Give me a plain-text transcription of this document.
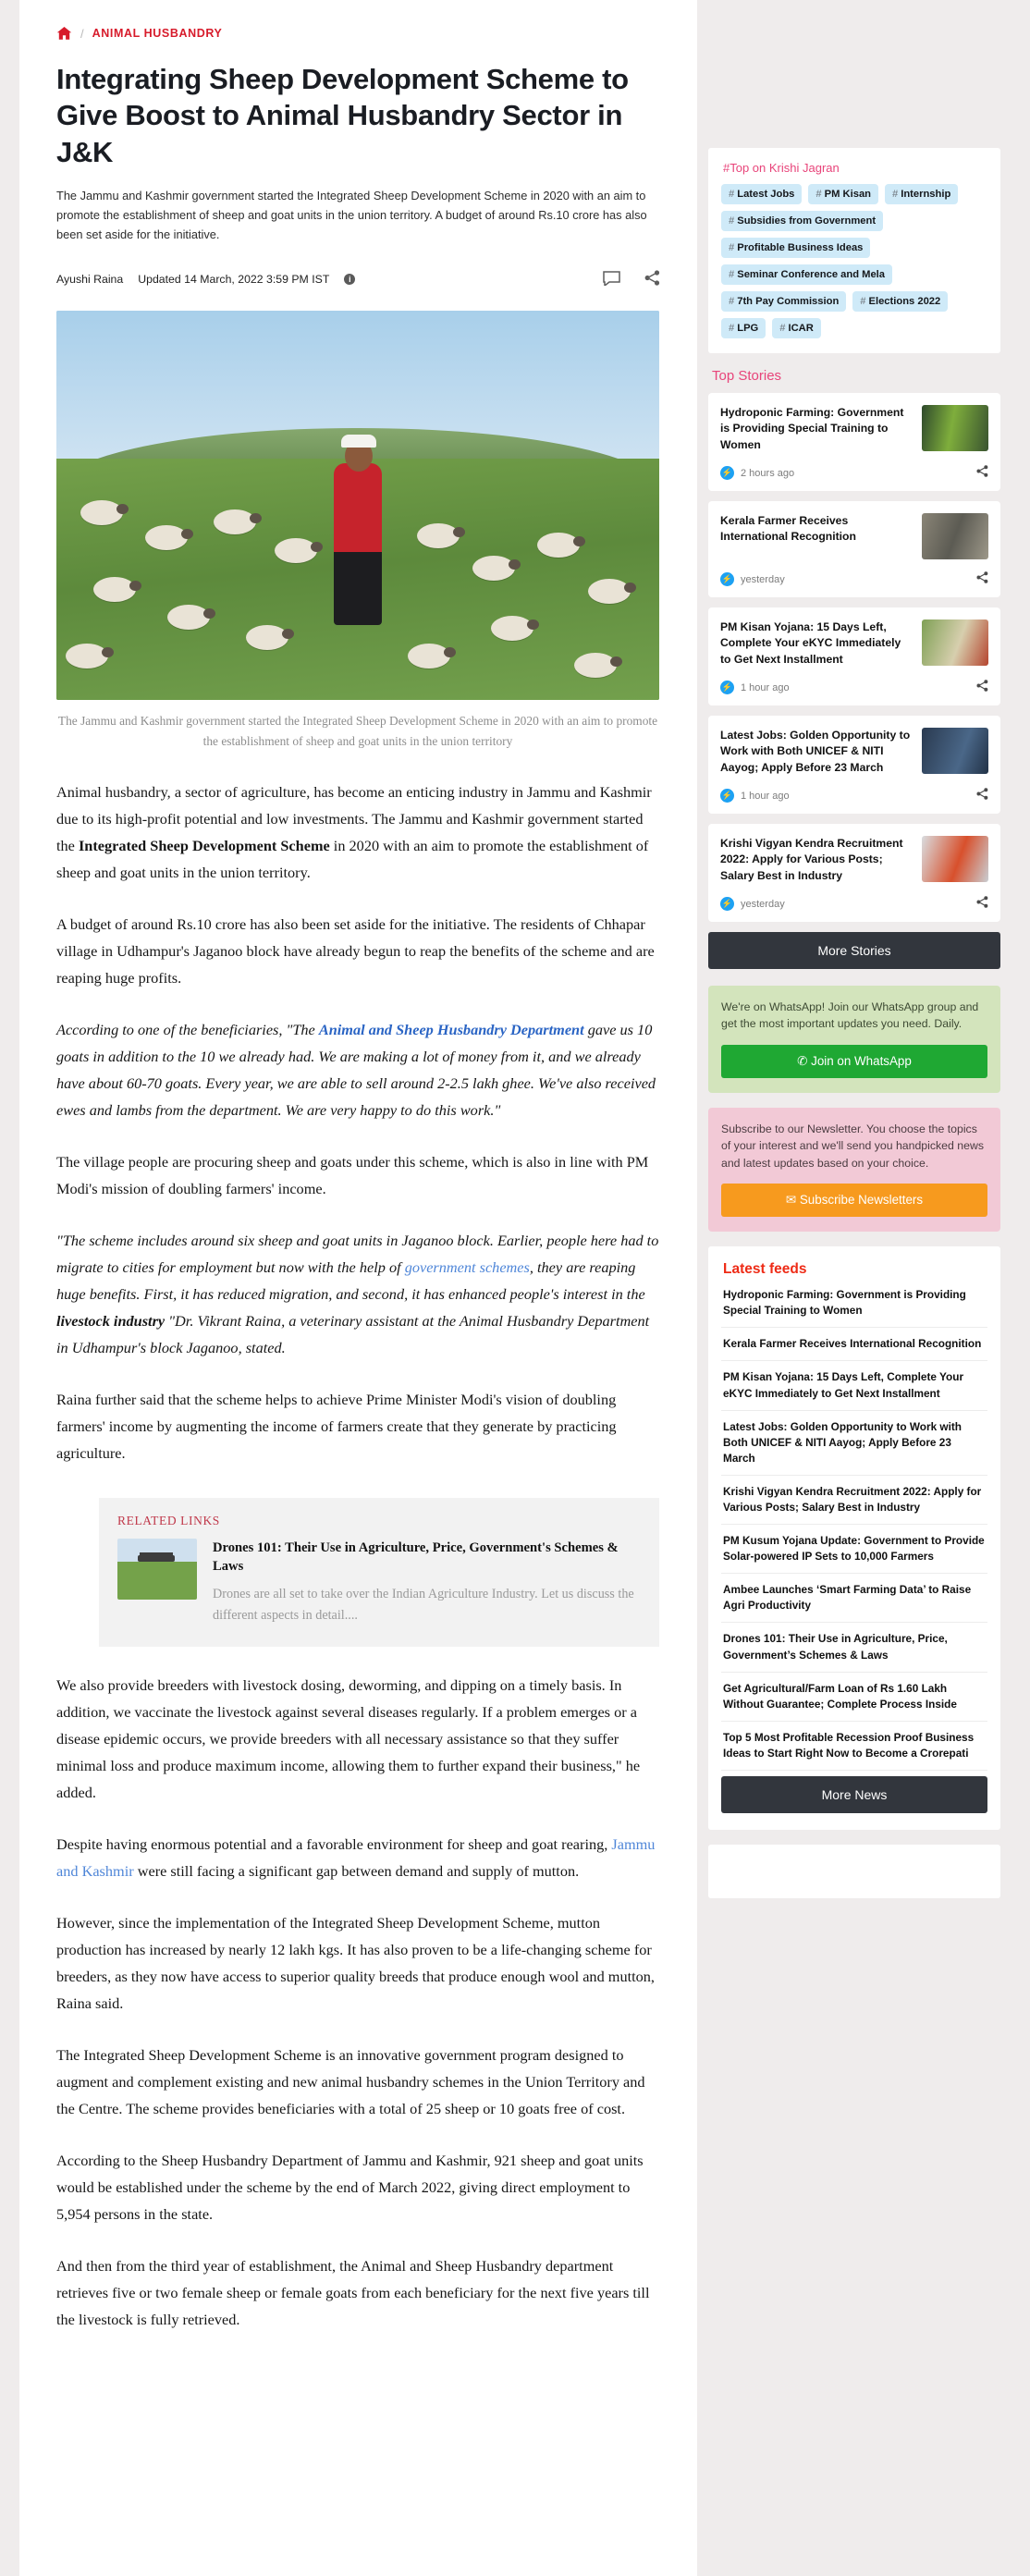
/ ANIMAL HUSBANDRY
Integrating Sheep Development Scheme to Give Boost to Animal Husbandry Sector in J&K

The Jammu and Kashmir government started the Integrated Sheep Development Scheme in 2020 with an aim to promote the establishment of sheep and goat units in the union territory. A budget of around Rs.10 crore has also been set aside for the initiative.

Ayushi Raina Updated 14 March, 2022 3:59 PM IST	i
The Jammu and Kashmir government started the Integrated Sheep Development Scheme in 2020 with an aim to promote the establishment of sheep and goat units in the union territory

Animal husbandry, a sector of agriculture, has become an enticing industry in Jammu and Kashmir due to its high-profit potential and low investments. The Jammu and Kashmir government started the Integrated Sheep Development Scheme in 2020 with an aim to promote the establishment of sheep and goat units in the union territory.

A budget of around Rs.10 crore has also been set aside for the initiative. The residents of Chhapar village in Udhampur's Jaganoo block have already begun to reap the benefits of the scheme and are reaping huge profits.

According to one of the beneficiaries, "The Animal and Sheep Husbandry Department gave us 10 goats in addition to the 10 we already had. We are making a lot of money from it, and we already have about 60-70 goats. Every year, we are able to sell around 2-2.5 lakh ghee. We've also received ewes and lambs from the department. We are very happy to do this work."

The village people are procuring sheep and goats under this scheme, which is also in line with PM Modi's mission of doubling farmers' income.

"The scheme includes around six sheep and goat units in Jaganoo block. Earlier, people here had to migrate to cities for employment but now with the help of government schemes, they are reaping huge benefits. First, it has reduced migration, and second, it has enhanced people's interest in the livestock industry "Dr. Vikrant Raina, a veterinary assistant at the Animal Husbandry Department in Udhampur's block Jaganoo, stated.

Raina further said that the scheme helps to achieve Prime Minister Modi's vision of doubling farmers' income by augmenting the income of farmers create that they generate by practicing agriculture.

RELATED LINKS
Drones 101: Their Use in Agriculture, Price, Government's Schemes & Laws
Drones are all set to take over the Indian Agriculture Industry. Let us discuss the different aspects in detail....

We also provide breeders with livestock dosing, deworming, and dipping on a timely basis. In addition, we vaccinate the livestock against several diseases regularly. If a problem emerges or a disease epidemic occurs, we provide breeders with all necessary assistance so that they suffer minimal loss and produce maximum income, allowing them to further expand their business," he added.

Despite having enormous potential and a favorable environment for sheep and goat rearing, Jammu and Kashmir were still facing a significant gap between demand and supply of mutton.

However, since the implementation of the Integrated Sheep Development Scheme, mutton production has increased by nearly 12 lakh kgs. It has also proven to be a life-changing scheme for breeders, as they now have access to superior quality breeds that produce enough wool and mutton, Raina said.

The Integrated Sheep Development Scheme is an innovative government program designed to augment and complement existing and new animal husbandry schemes in the Union Territory and the Centre. The scheme provides beneficiaries with a total of 25 sheep or 10 goats free of cost.

According to the Sheep Husbandry Department of Jammu and Kashmir, 921 sheep and goat units would be established under the scheme by the end of March 2022, giving direct employment to 5,954 persons in the state.

And then from the third year of establishment, the Animal and Sheep Husbandry department retrieves five or two female sheep or female goats from each beneficiary for the next five years till the livestock is fully retrieved.

#Top on Krishi Jagran
# Latest Jobs	# PM Kisan	# Internship
# Subsidies from Government
# Profitable Business Ideas
# Seminar Conference and Mela
# 7th Pay Commission	# Elections 2022
# LPG	# ICAR
Top Stories
Hydroponic Farming: Government is Providing Special Training to Women
⚡ 2 hours ago
Kerala Farmer Receives International Recognition
⚡ yesterday
PM Kisan Yojana: 15 Days Left, Complete Your eKYC Immediately to Get Next Installment
⚡ 1 hour ago
Latest Jobs: Golden Opportunity to Work with Both UNICEF & NITI Aayog; Apply Before 23 March
⚡ 1 hour ago
Krishi Vigyan Kendra Recruitment 2022: Apply for Various Posts; Salary Best in Industry
⚡ yesterday
More Stories

We're on WhatsApp! Join our WhatsApp group and get the most important updates you need. Daily.

✆ Join on WhatsApp

Subscribe to our Newsletter. You choose the topics of your interest and we'll send you handpicked news and latest updates based on your choice.

✉ Subscribe Newsletters
Latest feeds
Hydroponic Farming: Government is Providing Special Training to Women
Kerala Farmer Receives International Recognition
PM Kisan Yojana: 15 Days Left, Complete Your eKYC Immediately to Get Next Installment
Latest Jobs: Golden Opportunity to Work with Both UNICEF & NITI Aayog; Apply Before 23 March
Krishi Vigyan Kendra Recruitment 2022: Apply for Various Posts; Salary Best in Industry
PM Kusum Yojana Update: Government to Provide Solar-powered IP Sets to 10,000 Farmers
Ambee Launches ‘Smart Farming Data’ to Raise Agri Productivity
Drones 101: Their Use in Agriculture, Price, Government’s Schemes & Laws
Get Agricultural/Farm Loan of Rs 1.60 Lakh Without Guarantee; Complete Process Inside
Top 5 Most Profitable Recession Proof Business Ideas to Start Right Now to Become a Crorepati
More News
